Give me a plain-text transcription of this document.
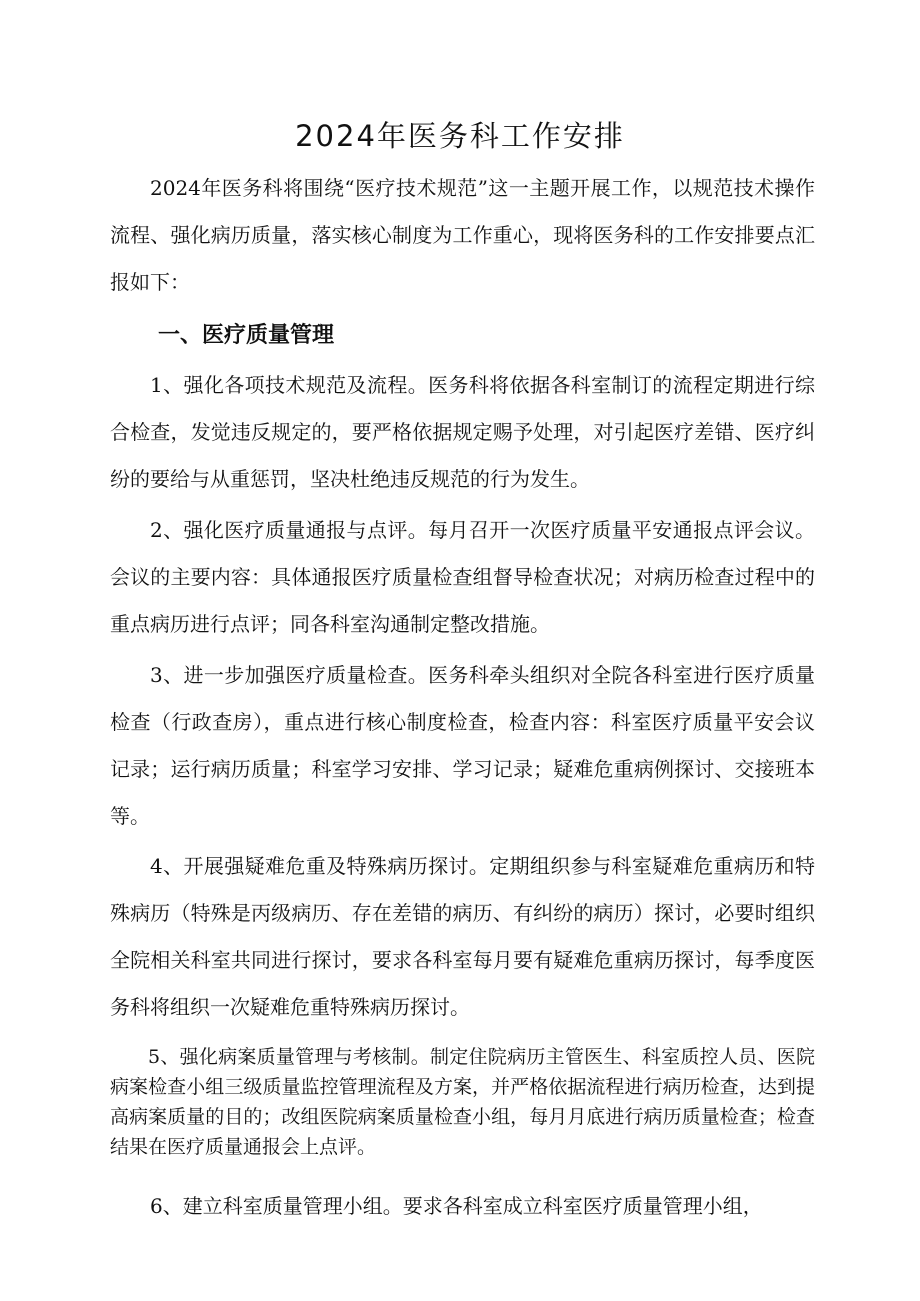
2024年医务科工作安排

2024年医务科将围绕“医疗技术规范”这一主题开展工作，以规范技术操作流程、强化病历质量，落实核心制度为工作重心，现将医务科的工作安排要点汇报如下：

一、医疗质量管理

1、强化各项技术规范及流程。医务科将依据各科室制订的流程定期进行综合检查，发觉违反规定的，要严格依据规定赐予处理，对引起医疗差错、医疗纠纷的要给与从重惩罚，坚决杜绝违反规范的行为发生。

2、强化医疗质量通报与点评。每月召开一次医疗质量平安通报点评会议。会议的主要内容：具体通报医疗质量检查组督导检查状况；对病历检查过程中的重点病历进行点评；同各科室沟通制定整改措施。

3、进一步加强医疗质量检查。医务科牵头组织对全院各科室进行医疗质量检查（行政查房），重点进行核心制度检查，检查内容：科室医疗质量平安会议记录；运行病历质量；科室学习安排、学习记录；疑难危重病例探讨、交接班本等。

4、开展强疑难危重及特殊病历探讨。定期组织参与科室疑难危重病历和特殊病历（特殊是丙级病历、存在差错的病历、有纠纷的病历）探讨，必要时组织全院相关科室共同进行探讨，要求各科室每月要有疑难危重病历探讨，每季度医务科将组织一次疑难危重特殊病历探讨。

5、强化病案质量管理与考核制。制定住院病历主管医生、科室质控人员、医院病案检查小组三级质量监控管理流程及方案，并严格依据流程进行病历检查，达到提高病案质量的目的；改组医院病案质量检查小组，每月月底进行病历质量检查；检查结果在医疗质量通报会上点评。

6、建立科室质量管理小组。要求各科室成立科室医疗质量管理小组，
